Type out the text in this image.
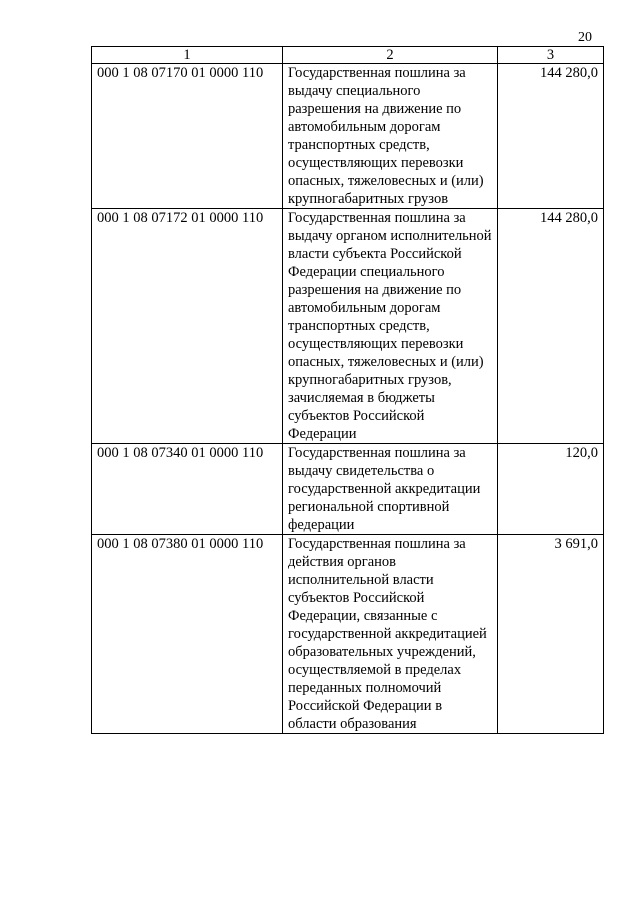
20
1	2	3
000 1 08 07170 01 0000 110	Государственная пошлина за выдачу специального разрешения на движение по автомобильным дорогам транспортных средств, осуществляющих перевозки опасных, тяжеловесных и (или) крупногабаритных грузов	144 280,0
000 1 08 07172 01 0000 110	Государственная пошлина за выдачу органом исполнительной власти субъекта Российской Федерации специального разрешения на движение по автомобильным дорогам транспортных средств, осуществляющих перевозки опасных, тяжеловесных и (или) крупногабаритных грузов, зачисляемая в бюджеты субъектов Российской Федерации	144 280,0
000 1 08 07340 01 0000 110	Государственная пошлина за выдачу свидетельства о государственной аккредитации региональной спортивной федерации	120,0
000 1 08 07380 01 0000 110	Государственная пошлина за действия органов исполнительной власти субъектов Российской Федерации, связанные с государственной аккредитацией образовательных учреждений, осуществляемой в пределах переданных полномочий Российской Федерации в области образования	3 691,0
